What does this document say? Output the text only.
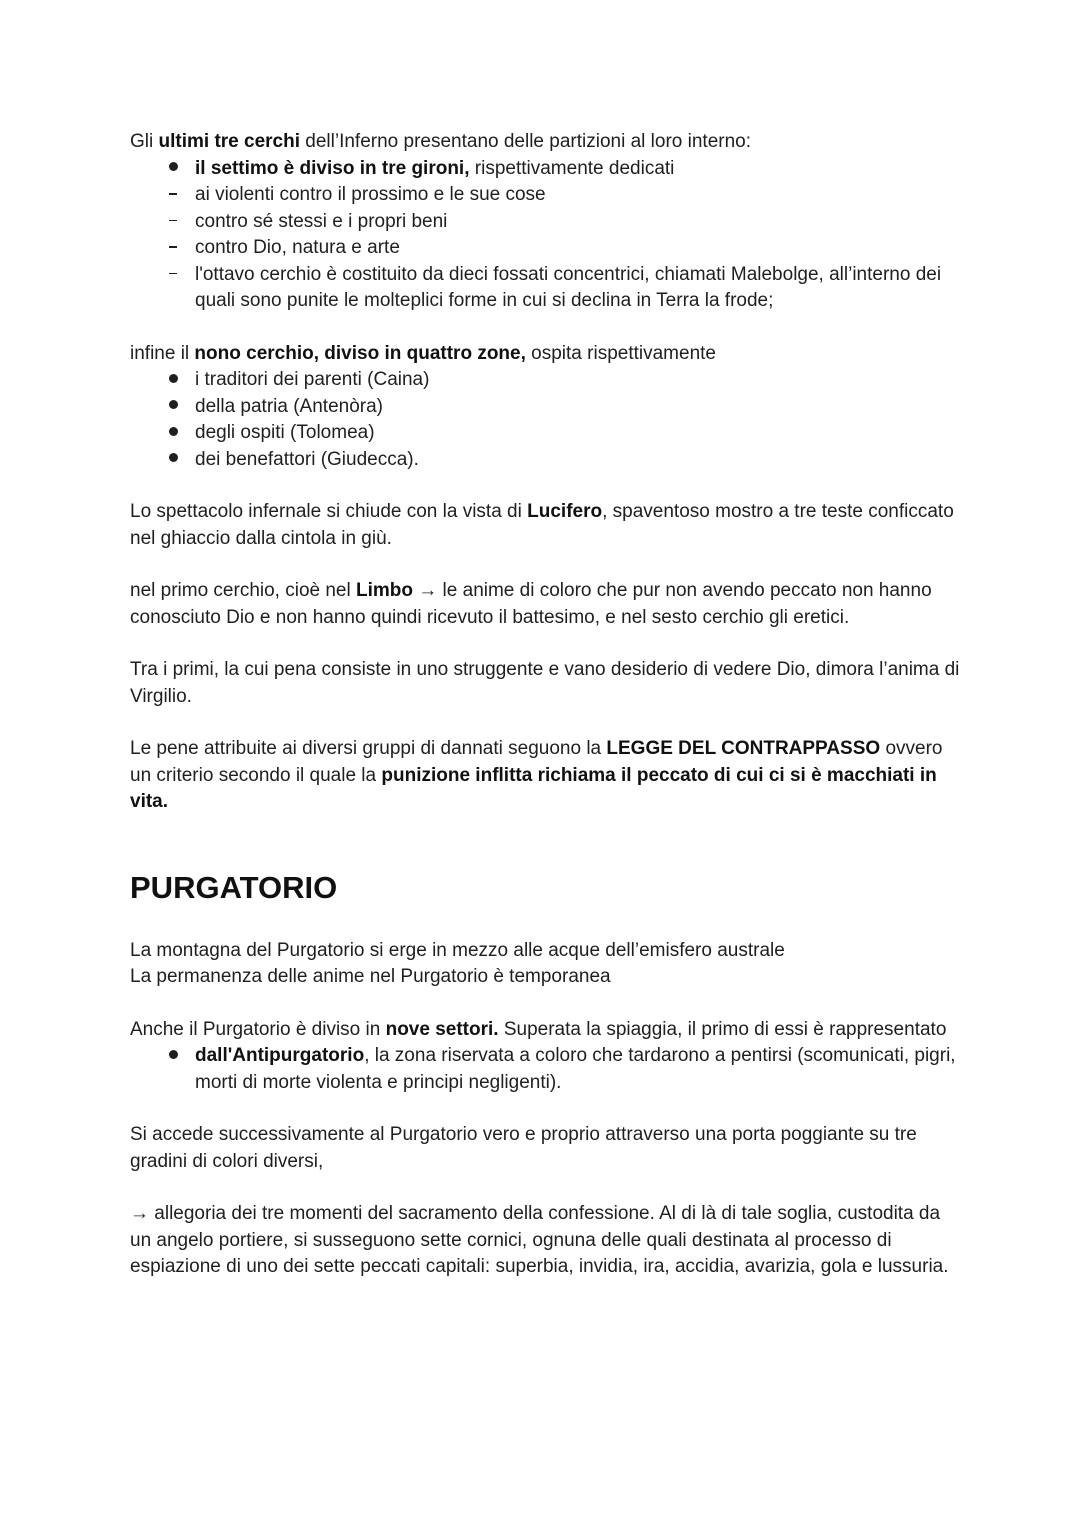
Gli ultimi tre cerchi dell’Inferno presentano delle partizioni al loro interno:

il settimo è diviso in tre gironi, rispettivamente dedicati
ai violenti contro il prossimo e le sue cose
contro sé stessi e i propri beni
contro Dio, natura e arte
l'ottavo cerchio è costituito da dieci fossati concentrici, chiamati Malebolge, all’interno dei quali sono punite le molteplici forme in cui si declina in Terra la frode;

infine il nono cerchio, diviso in quattro zone, ospita rispettivamente

i traditori dei parenti (Caina)
della patria (Antenòra)
degli ospiti (Tolomea)
dei benefattori (Giudecca).

Lo spettacolo infernale si chiude con la vista di Lucifero, spaventoso mostro a tre teste conficcato nel ghiaccio dalla cintola in giù.

nel primo cerchio, cioè nel Limbo → le anime di coloro che pur non avendo peccato non hanno conosciuto Dio e non hanno quindi ricevuto il battesimo, e nel sesto cerchio gli eretici.

Tra i primi, la cui pena consiste in uno struggente e vano desiderio di vedere Dio, dimora l’anima di Virgilio.

Le pene attribuite ai diversi gruppi di dannati seguono la LEGGE DEL CONTRAPPASSO ovvero un criterio secondo il quale la punizione inflitta richiama il peccato di cui ci si è macchiati in vita.

PURGATORIO

La montagna del Purgatorio si erge in mezzo alle acque dell’emisfero australe
La permanenza delle anime nel Purgatorio è temporanea

Anche il Purgatorio è diviso in nove settori. Superata la spiaggia, il primo di essi è rappresentato

dall'Antipurgatorio, la zona riservata a coloro che tardarono a pentirsi (scomunicati, pigri, morti di morte violenta e principi negligenti).

Si accede successivamente al Purgatorio vero e proprio attraverso una porta poggiante su tre gradini di colori diversi,

→ allegoria dei tre momenti del sacramento della confessione. Al di là di tale soglia, custodita da un angelo portiere, si susseguono sette cornici, ognuna delle quali destinata al processo di espiazione di uno dei sette peccati capitali: superbia, invidia, ira, accidia, avarizia, gola e lussuria.
